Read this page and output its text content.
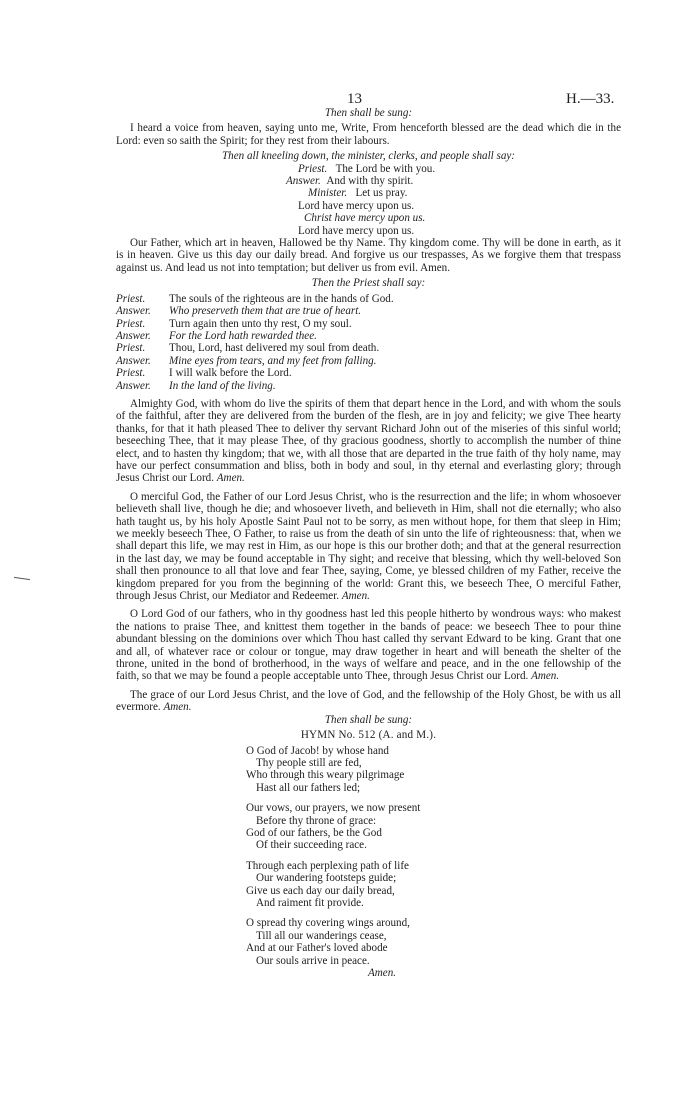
13	H.—33.

Then shall be sung:

I heard a voice from heaven, saying unto me, Write, From henceforth blessed are the dead which die in the Lord: even so saith the Spirit; for they rest from their labours.

Then all kneeling down, the minister, clerks, and people shall say:

Priest. The Lord be with you.
Answer. And with thy spirit.
Minister. Let us pray.
Lord have mercy upon us.
Christ have mercy upon us.
Lord have mercy upon us.

Our Father, which art in heaven, Hallowed be thy Name. Thy kingdom come. Thy will be done in earth, as it is in heaven. Give us this day our daily bread. And forgive us our trespasses, As we forgive them that trespass against us. And lead us not into temptation; but deliver us from evil. Amen.

Then the Priest shall say:

Priest.	The souls of the righteous are in the hands of God.
Answer.	Who preserveth them that are true of heart.
Priest.	Turn again then unto thy rest, O my soul.
Answer.	For the Lord hath rewarded thee.
Priest.	Thou, Lord, hast delivered my soul from death.
Answer.	Mine eyes from tears, and my feet from falling.
Priest.	I will walk before the Lord.
Answer.	In the land of the living.

Almighty God, with whom do live the spirits of them that depart hence in the Lord, and with whom the souls of the faithful, after they are delivered from the burden of the flesh, are in joy and felicity; we give Thee hearty thanks, for that it hath pleased Thee to deliver thy servant Richard John out of the miseries of this sinful world; beseeching Thee, that it may please Thee, of thy gracious goodness, shortly to accomplish the number of thine elect, and to hasten thy kingdom; that we, with all those that are departed in the true faith of thy holy name, may have our perfect consummation and bliss, both in body and soul, in thy eternal and everlasting glory; through Jesus Christ our Lord. Amen.

O merciful God, the Father of our Lord Jesus Christ, who is the resurrection and the life; in whom whosoever believeth shall live, though he die; and whosoever liveth, and believeth in Him, shall not die eternally; who also hath taught us, by his holy Apostle Saint Paul not to be sorry, as men without hope, for them that sleep in Him; we meekly beseech Thee, O Father, to raise us from the death of sin unto the life of righteousness: that, when we shall depart this life, we may rest in Him, as our hope is this our brother doth; and that at the general resurrection in the last day, we may be found acceptable in Thy sight; and receive that blessing, which thy well-beloved Son shall then pronounce to all that love and fear Thee, saying, Come, ye blessed children of my Father, receive the kingdom prepared for you from the beginning of the world: Grant this, we beseech Thee, O merciful Father, through Jesus Christ, our Mediator and Redeemer. Amen.

O Lord God of our fathers, who in thy goodness hast led this people hitherto by wondrous ways: who makest the nations to praise Thee, and knittest them together in the bands of peace: we beseech Thee to pour thine abundant blessing on the dominions over which Thou hast called thy servant Edward to be king. Grant that one and all, of whatever race or colour or tongue, may draw together in heart and will beneath the shelter of the throne, united in the bond of brotherhood, in the ways of welfare and peace, and in the one fellowship of the faith, so that we may be found a people acceptable unto Thee, through Jesus Christ our Lord. Amen.

The grace of our Lord Jesus Christ, and the love of God, and the fellowship of the Holy Ghost, be with us all evermore. Amen.

Then shall be sung:

HYMN No. 512 (A. and M.).

O God of Jacob! by whose hand
Thy people still are fed,
Who through this weary pilgrimage
Hast all our fathers led;
Our vows, our prayers, we now present
Before thy throne of grace:
God of our fathers, be the God
Of their succeeding race.
Through each perplexing path of life
Our wandering footsteps guide;
Give us each day our daily bread,
And raiment fit provide.
O spread thy covering wings around,
Till all our wanderings cease,
And at our Father's loved abode
Our souls arrive in peace.
Amen.
